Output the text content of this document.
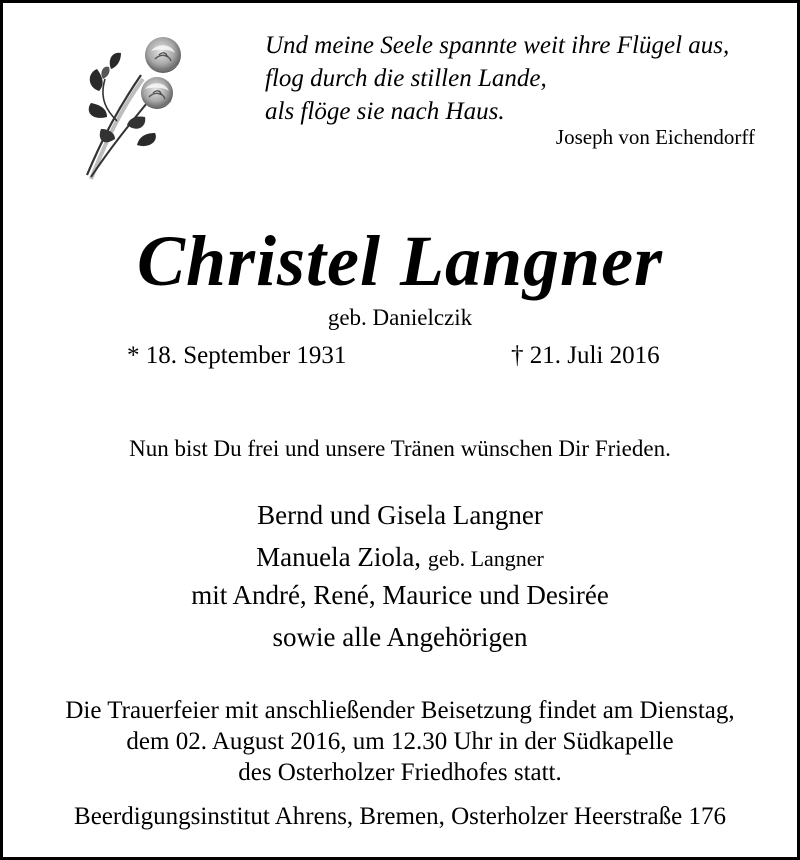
Und meine Seele spannte weit ihre Flügel aus,
flog durch die stillen Lande,
als flöge sie nach Haus.
Joseph von Eichendorff
Christel Langner
geb. Danielczik
* 18. September 1931	† 21. Juli 2016
Nun bist Du frei und unsere Tränen wünschen Dir Frieden.
Bernd und Gisela Langner
Manuela Ziola, geb. Langner
mit André, René, Maurice und Desirée
sowie alle Angehörigen
Die Trauerfeier mit anschließender Beisetzung findet am Dienstag,
dem 02. August 2016, um 12.30 Uhr in der Südkapelle
des Osterholzer Friedhofes statt.
Beerdigungsinstitut Ahrens, Bremen, Osterholzer Heerstraße 176
